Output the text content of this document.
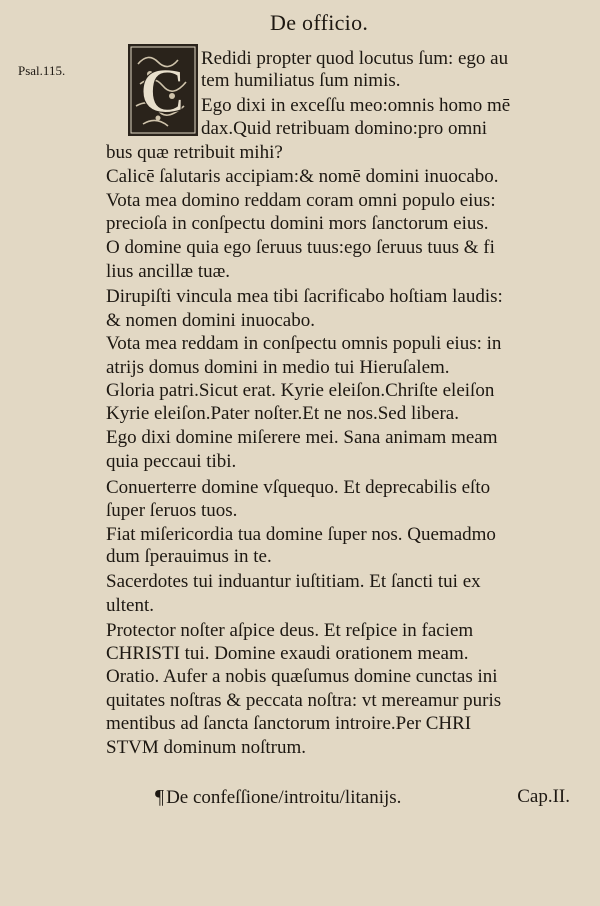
De officio.
Psal.115. C Redidi propter quod locutus ſum: ego au
tem humiliatus ſum nimis.
Ego dixi in exceſſu meo:omnis homo mē
dax.Quid retribuam domino:pro omni
bus quæ retribuit mihi?
Calicē ſalutaris accipiam:& nomē domini inuocabo.
Vota mea domino reddam coram omni populo eius:
precioſa in conſpectu domini mors ſanctorum eius.
O domine quia ego ſeruus tuus:ego ſeruus tuus & fi
lius ancillæ tuæ.
Dirupiſti vincula mea tibi ſacrificabo hoſtiam laudis:
& nomen domini inuocabo.
Vota mea reddam in conſpectu omnis populi eius: in
atrijs domus domini in medio tui Hieruſalem.
Gloria patri.Sicut erat. Kyrie eleiſon.Chriſte eleiſon
Kyrie eleiſon.Pater noſter.Et ne nos.Sed libera.
Ego dixi domine miſerere mei. Sana animam meam
quia peccaui tibi.
Conuerterre domine vſquequo. Et deprecabilis eſto
ſuper ſeruos tuos.
Fiat miſericordia tua domine ſuper nos. Quemadmo
dum ſperauimus in te.
Sacerdotes tui induantur iuſtitiam. Et ſancti tui ex
ultent.
Protector noſter aſpice deus. Et reſpice in faciem
CHRISTI tui. Domine exaudi orationem meam.
Oratio. Aufer a nobis quæſumus domine cunctas ini
quitates noſtras & peccata noſtra: vt mereamur puris
mentibus ad ſancta ſanctorum introire.Per CHRI
STVM dominum noſtrum.
¶ De confeſſione/introitu/litanijs.	Cap.II.
